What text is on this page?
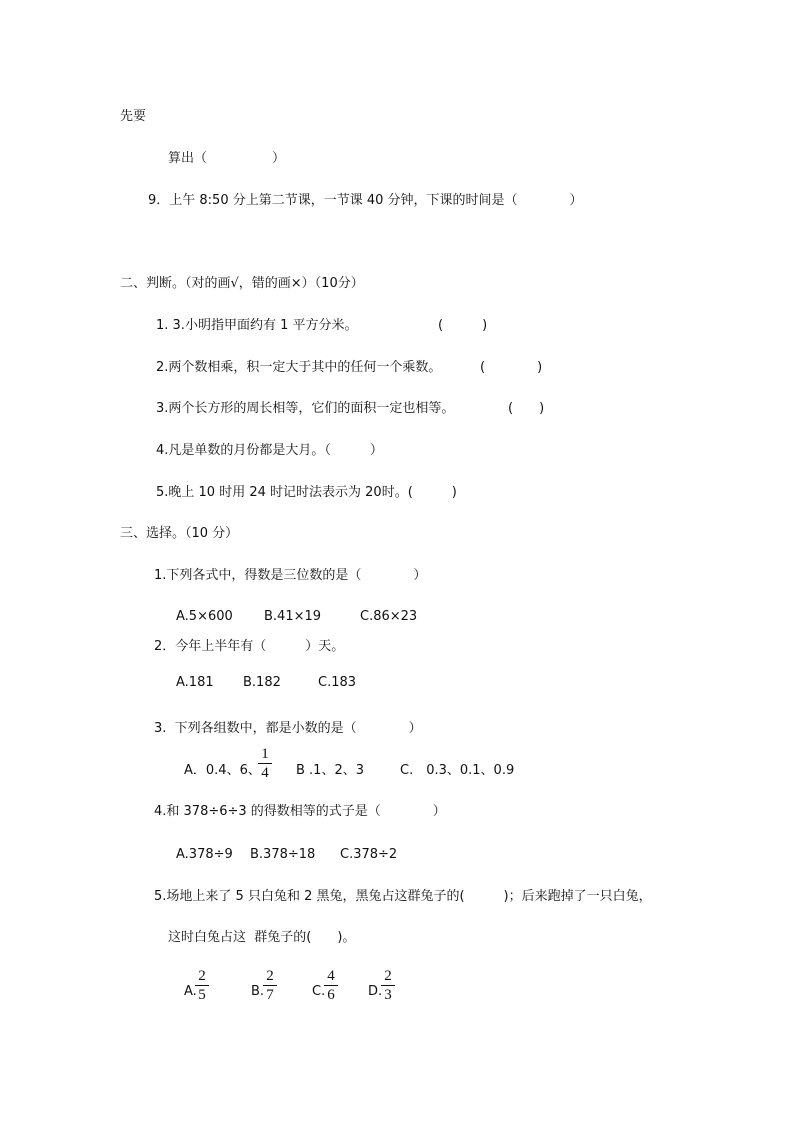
先要
算出（　　　　　）
9．上午 8:50 分上第二节课，一节课 40 分钟，下课的时间是（　　　　）
二、判断。（对的画√，错的画×）（10分）
1. 3.小明指甲面约有 1 平方分米。	(　　　)
2.两个数相乘，积一定大于其中的任何一个乘数。	(　　　　)
3.两个长方形的周长相等，它们的面积一定也相等。	(　　)
4.凡是单数的月份都是大月。（　　　）
5.晚上 10 时用 24 时记时法表示为 20时。(　　　)
三、选择。（10 分）
1.下列各式中，得数是三位数的是（　　　　）
A.5×600 B.41×19	C.86×23
2．今年上半年有（　　　）天。
A.181 B.182	C.183
3.  下列各组数中，都是小数的是（　　　　）
A．0.4、6、
1
4 B .1、2、3	C.　0.3、0.1、0.9
4.和 378÷6÷3 的得数相等的式子是（　　　　）
A.378÷9 B.378÷18 C.378÷2
5.场地上来了 5 只白兔和 2 黑兔，黑兔占这群兔子的(　　　)；后来跑掉了一只白兔，
这时白兔占这  群兔子的(　　)。
A.
2
5	B.
2
7	C.
4
6	D.
2
3
